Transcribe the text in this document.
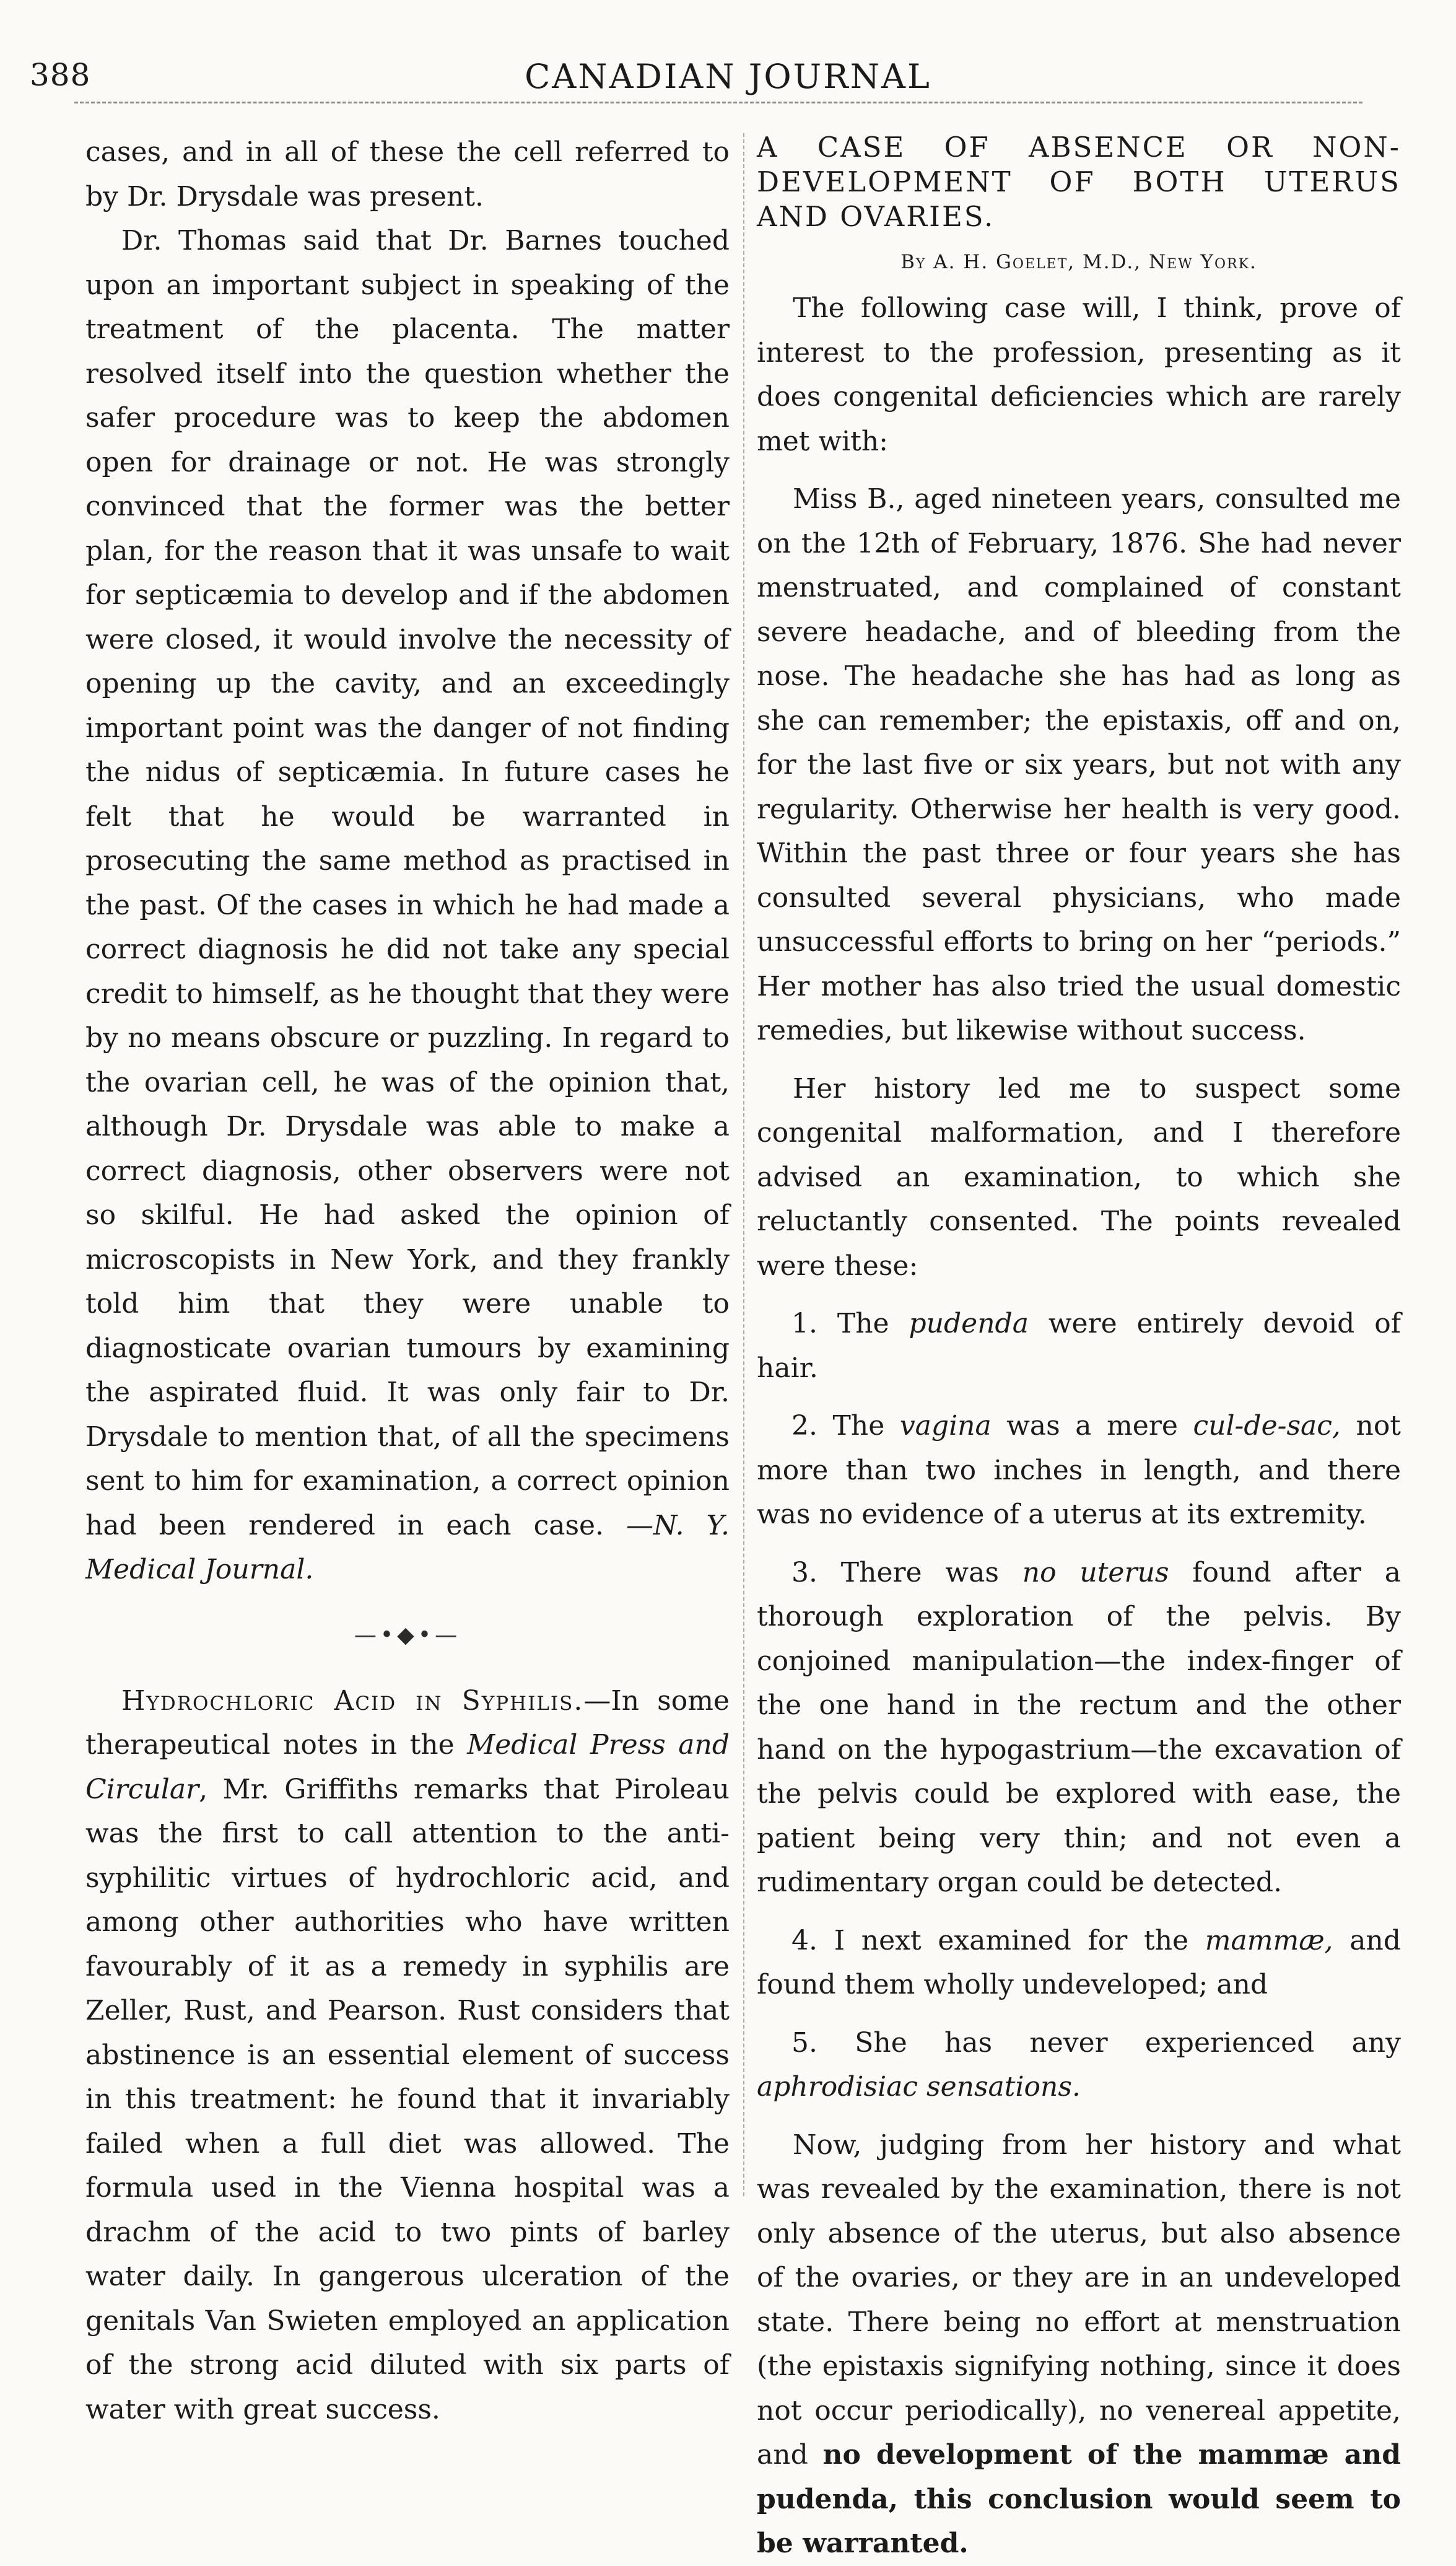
388	CANADIAN JOURNAL

cases, and in all of these the cell referred to by Dr. Drysdale was present.

Dr. Thomas said that Dr. Barnes touched upon an important subject in speaking of the treatment of the placenta. The matter resolved itself into the question whether the safer procedure was to keep the abdomen open for drainage or not. He was strongly convinced that the former was the better plan, for the reason that it was unsafe to wait for septicæmia to develop and if the abdomen were closed, it would involve the necessity of opening up the cavity, and an exceedingly important point was the danger of not finding the nidus of septicæmia. In future cases he felt that he would be warranted in prosecuting the same method as practised in the past. Of the cases in which he had made a correct diagnosis he did not take any special credit to himself, as he thought that they were by no means obscure or puzzling. In regard to the ovarian cell, he was of the opinion that, although Dr. Drysdale was able to make a correct diagnosis, other observers were not so skilful. He had asked the opinion of microscopists in New York, and they frankly told him that they were unable to diagnosticate ovarian tumours by examining the aspirated fluid. It was only fair to Dr. Drysdale to mention that, of all the specimens sent to him for examination, a correct opinion had been rendered in each case. —N. Y. Medical Journal.

—•◆•—

Hydrochloric Acid in Syphilis.—In some therapeutical notes in the Medical Press and Circular, Mr. Griffiths remarks that Piroleau was the first to call attention to the anti-syphilitic virtues of hydrochloric acid, and among other authorities who have written favourably of it as a remedy in syphilis are Zeller, Rust, and Pearson. Rust considers that abstinence is an essential element of success in this treatment: he found that it invariably failed when a full diet was allowed. The formula used in the Vienna hospital was a drachm of the acid to two pints of barley water daily. In gangerous ulceration of the genitals Van Swieten employed an application of the strong acid diluted with six parts of water with great success.

A CASE OF ABSENCE OR NON-DEVELOPMENT OF BOTH UTERUS AND OVARIES.

By A. H. Goelet, M.D., New York.

The following case will, I think, prove of interest to the profession, presenting as it does congenital deficiencies which are rarely met with:

Miss B., aged nineteen years, consulted me on the 12th of February, 1876. She had never menstruated, and complained of constant severe headache, and of bleeding from the nose. The headache she has had as long as she can remember; the epistaxis, off and on, for the last five or six years, but not with any regularity. Otherwise her health is very good. Within the past three or four years she has consulted several physicians, who made unsuccessful efforts to bring on her “periods.” Her mother has also tried the usual domestic remedies, but likewise without success.

Her history led me to suspect some congenital malformation, and I therefore advised an examination, to which she reluctantly consented. The points revealed were these:

1. The pudenda were entirely devoid of hair.

2. The vagina was a mere cul-de-sac, not more than two inches in length, and there was no evidence of a uterus at its extremity.

3. There was no uterus found after a thorough exploration of the pelvis. By conjoined manipulation—the index-finger of the one hand in the rectum and the other hand on the hypogastrium—the excavation of the pelvis could be explored with ease, the patient being very thin; and not even a rudimentary organ could be detected.

4. I next examined for the mammæ, and found them wholly undeveloped; and

5. She has never experienced any aphrodisiac sensations.

Now, judging from her history and what was revealed by the examination, there is not only absence of the uterus, but also absence of the ovaries, or they are in an undeveloped state. There being no effort at menstruation (the epistaxis signifying nothing, since it does not occur periodically), no venereal appetite, and no development of the mammæ and pudenda, this conclusion would seem to be warranted.
